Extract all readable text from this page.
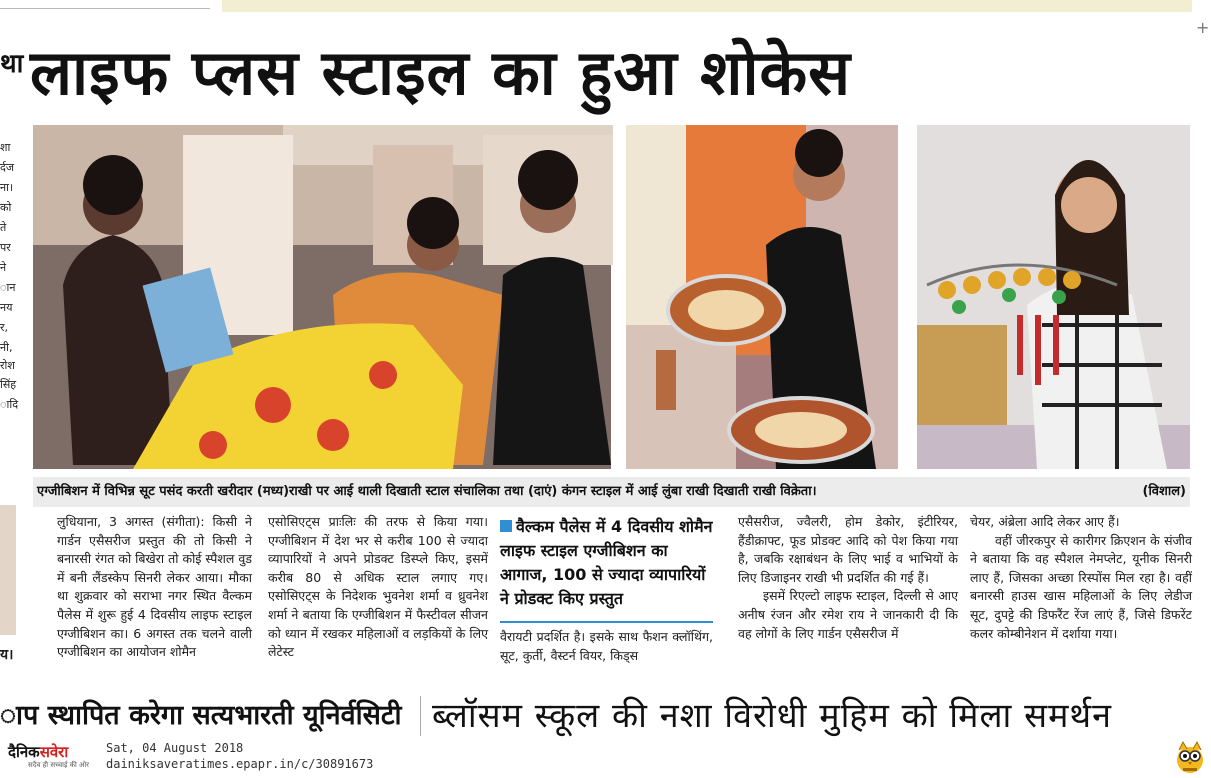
+
था
शा
र्दज
ना।
को
ते
पर
ने
ान
नय
र,
नी,
रोश
सिंह
ादि
लाइफ प्लस स्टाइल का हुआ शोकेस
एग्जीबिशन में विभिन्न सूट पसंद करती खरीदार (मध्य)राखी पर आई थाली दिखाती स्टाल संचालिका तथा (दाएं) कंगन स्टाइल में आई लुंबा राखी दिखाती राखी विक्रेता।	(विशाल)
य।

लुधियाना, 3 अगस्त (संगीता): किसी ने गार्डन एसैसरीज प्रस्तुत की तो किसी ने बनारसी रंगत को बिखेरा तो कोई स्पैशल वुड में बनी लैंडस्केप सिनरी लेकर आया। मौका था शुक्रवार को सराभा नगर स्थित वैल्कम पैलेस में शुरू हुई 4 दिवसीय लाइफ स्टाइल एग्जीबिशन का। 6 अगस्त तक चलने वाली एग्जीबिशन का आयोजन शोमैन

एसोसिएट्स प्राःलिः की तरफ से किया गया। एग्जीबिशन में देश भर से करीब 100 से ज्यादा व्यापारियों ने अपने प्रोडक्ट डिस्प्ले किए, इसमें करीब 80 से अधिक स्टाल लगाए गए। एसोसिएट्स के निदेशक भुवनेश शर्मा व ध्रुवनेश शर्मा ने बताया कि एग्जीबिशन में फैस्टीवल सीजन को ध्यान में रखकर महिलाओं व लड़कियों के लिए लेटेस्ट

वैल्कम पैलेस में 4 दिवसीय शोमैन लाइफ स्टाइल एग्जीबिशन का आगाज, 100 से ज्यादा व्यापारियों ने प्रोडक्ट किए प्रस्तुत

वैरायटी प्रदर्शित है। इसके साथ फैशन क्लॉथिंग, सूट, कुर्ती, वैस्टर्न वियर, किड्स

एसैसरीज, ज्वैलरी, होम डेकोर, इंटीरियर, हैंडीक्राफ्ट, फूड प्रोडक्ट आदि को पेश किया गया है, जबकि रक्षाबंधन के लिए भाई व भाभियों के लिए डिजाइनर राखी भी प्रदर्शित की गई हैं।

इसमें रिएल्टो लाइफ स्टाइल, दिल्ली से आए अनीष रंजन और रमेश राय ने जानकारी दी कि वह लोगों के लिए गार्डन एसैसरीज में

चेयर, अंब्रेला आदि लेकर आए हैं।

वहीं जीरकपुर से कारीगर क्रिएशन के संजीव ने बताया कि वह स्पैशल नेमप्लेट, यूनीक सिनरी लाए हैं, जिसका अच्छा रिस्पोंस मिल रहा है। वहीं बनारसी हाउस खास महिलाओं के लिए लेडीज सूट, दुपट्टे की डिफरैंट रेंज लाएं हैं, जिसे डिफरेंट कलर कोम्बीनेशन में दर्शाया गया।

ाप स्थापित करेगा सत्यभारती यूनिर्वसिटी ब्लॉसम स्कूल की नशा विरोधी मुहिम को मिला समर्थन
दैनिकसवेरा
सदैव ही सच्चाई की ओर
Sat, 04 August 2018
dainiksaveratimes.epapr.in/c/30891673
